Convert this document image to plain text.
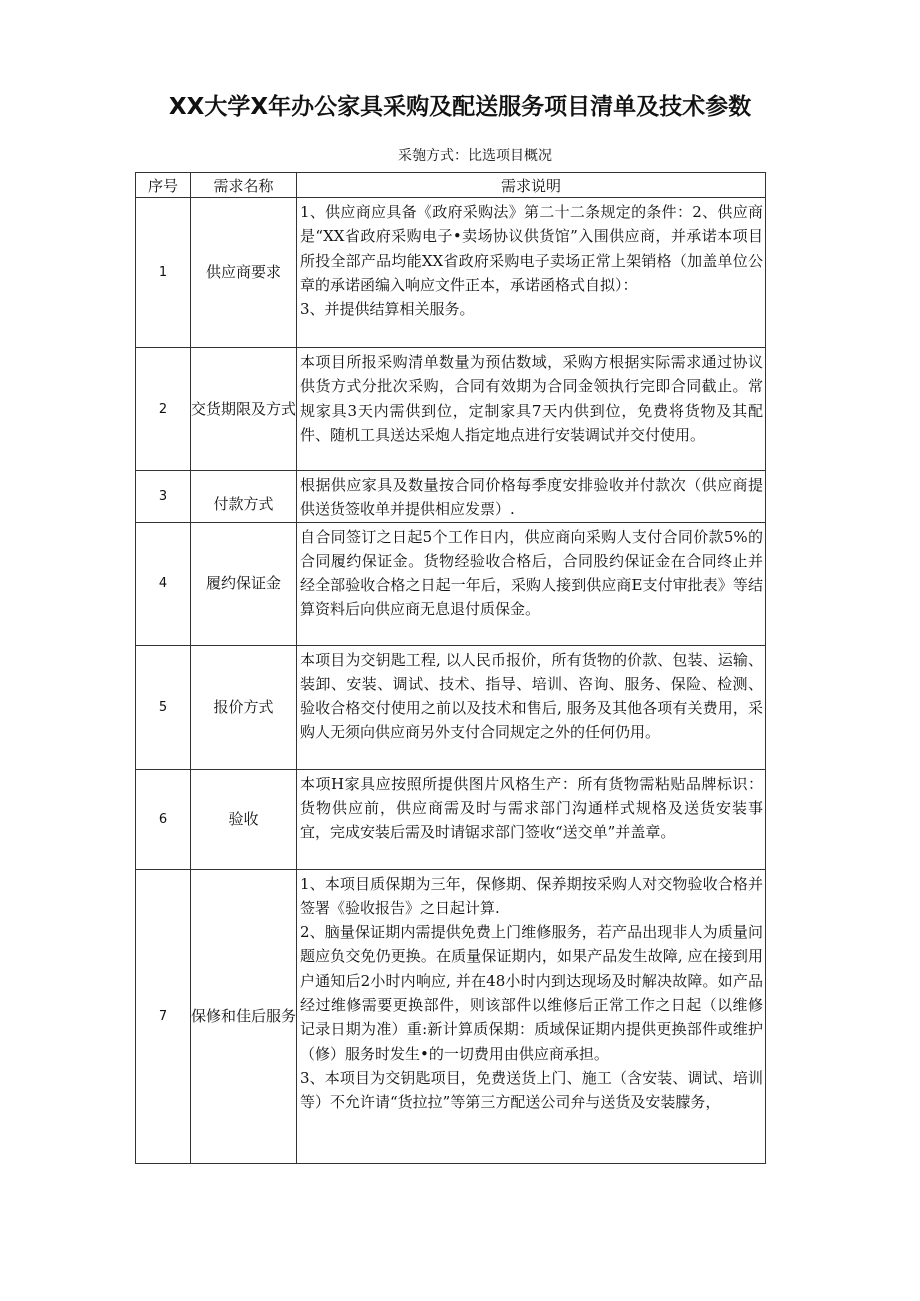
XX大学X年办公家具采购及配送服务项目清单及技术参数
采匏方式：比选项目概况
序号	需求名称	需求说明
1	供应商要求	1、供应商应具备《政府采购法》第二十二条规定的条件：2、供应商是“XX省政府采购电子•卖场协议供货馆”入围供应商，并承诺本项目所投全部产品均能XX省政府采购电子卖场正常上架销格（加盖单位公章的承诺函编入响应文件正本，承诺函格式自拟）：

3、并提供结算相关服务。

2	交货期限及方式	本项目所报采购清单数量为预估数域，采购方根据实际需求通过协议供货方式分批次采购，合同有效期为合同金领执行完即合同截止。常规家具3天内需供到位，定制家具7天内供到位，免费将货物及其配件、随机工具送达采炮人指定地点进行安装调试并交付使用。

3	付款方式	根据供应家具及数量按合同价格每季度安排验收并付款次（供应商提供送货签收单并提供相应发票）.

4	履约保证金	自合同签订之日起5个工作日内，供应商向采购人支付合同价款5%的合同履约保证金。货物经验收合格后，合同股约保证金在合同终止并经全部验收合格之日起一年后，采购人接到供应商E支付审批表》等结算资料后向供应商无息退付质保金。

5	报价方式	本项目为交钥匙工程, 以人民币报价，所有货物的价款、包装、运输、装卸、安装、调试、技术、指导、培训、咨询、服务、保险、检测、验收合格交付使用之前以及技术和售后, 服务及其他各项有关费用，采购人无须向供应商另外支付合同规定之外的任何仍用。

6	验收	本项H家具应按照所提供图片风格生产：所有货物需粘贴品牌标识：货物供应前，供应商需及时与需求部门沟通样式规格及送货安装事宜，完成安装后需及时请锯求部门签收“送交单”并盖章。

7	保修和佳后服务	1、本项目质保期为三年，保修期、保养期按采购人对交物验收合格并签署《验收报告》之日起计算.

2、脑量保证期内需提供免费上门维修服务，若产品出现非人为质量问题应负交免仍更换。在质量保证期内，如果产品发生故障, 应在接到用户通知后2小时内响应, 并在48小时内到达现场及时解决故障。如产品经过维修需要更换部件，则该部件以维修后正常工作之日起（以维修记录日期为准）重:新计算质保期：质域保证期内提供更换部件或维护（修）服务时发生•的一切费用由供应商承担。

3、本项目为交钥匙项目，免费送货上门、施工（含安装、调试、培训等）不允许请“货拉拉”等第三方配送公司弁与送货及安装朦务，
